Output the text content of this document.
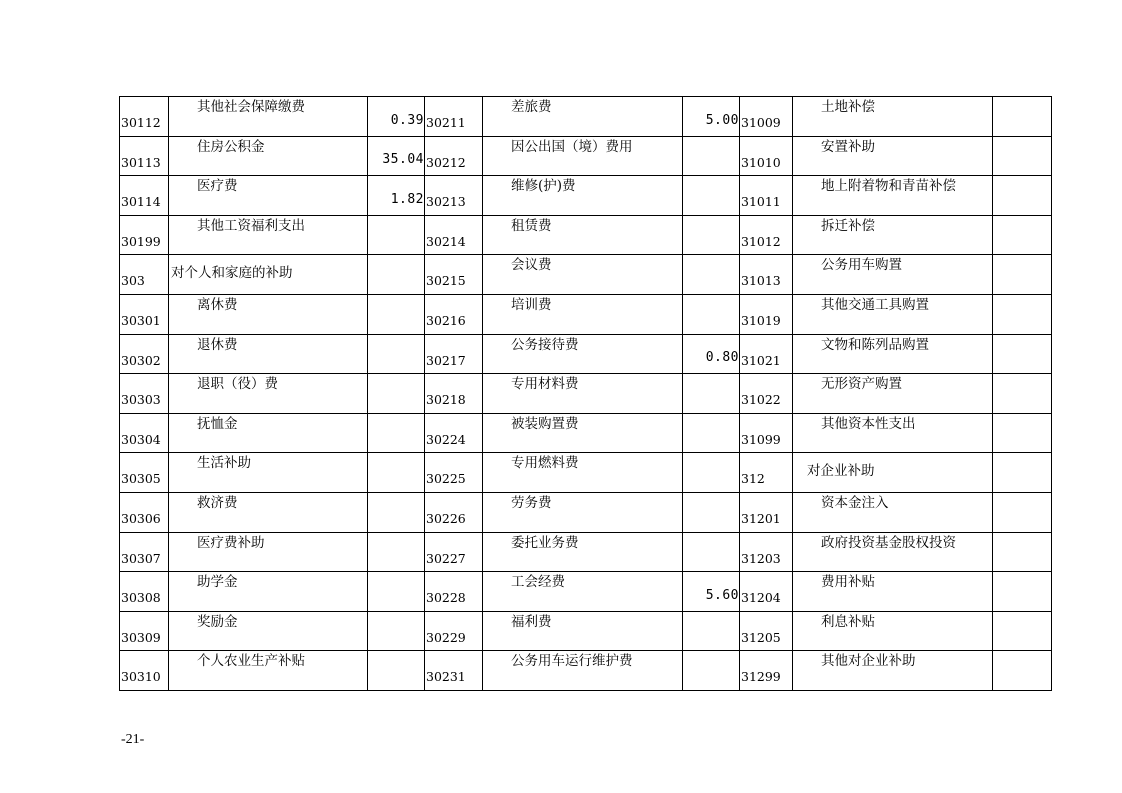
30112	其他社会保障缴费	0.39	30211	差旅费	5.00	31009	土地补偿	

30113	住房公积金	35.04	30212	因公出国（境）费用		31010	安置补助	

30114	医疗费	1.82	30213	维修(护)费		31011	地上附着物和青苗补偿	

30199	其他工资福利支出		30214	租赁费		31012	拆迁补偿	

303	对个人和家庭的补助		30215	会议费		31013	公务用车购置	

30301	离休费		30216	培训费		31019	其他交通工具购置	

30302	退休费		30217	公务接待费	0.80	31021	文物和陈列品购置	

30303	退职（役）费		30218	专用材料费		31022	无形资产购置	

30304	抚恤金		30224	被装购置费		31099	其他资本性支出	

30305	生活补助		30225	专用燃料费		312	对企业补助	

30306	救济费		30226	劳务费		31201	资本金注入	

30307	医疗费补助		30227	委托业务费		31203	政府投资基金股权投资	

30308	助学金		30228	工会经费	5.60	31204	费用补贴	

30309	奖励金		30229	福利费		31205	利息补贴	

30310	个人农业生产补贴		30231	公务用车运行维护费		31299	其他对企业补助	

-21-
